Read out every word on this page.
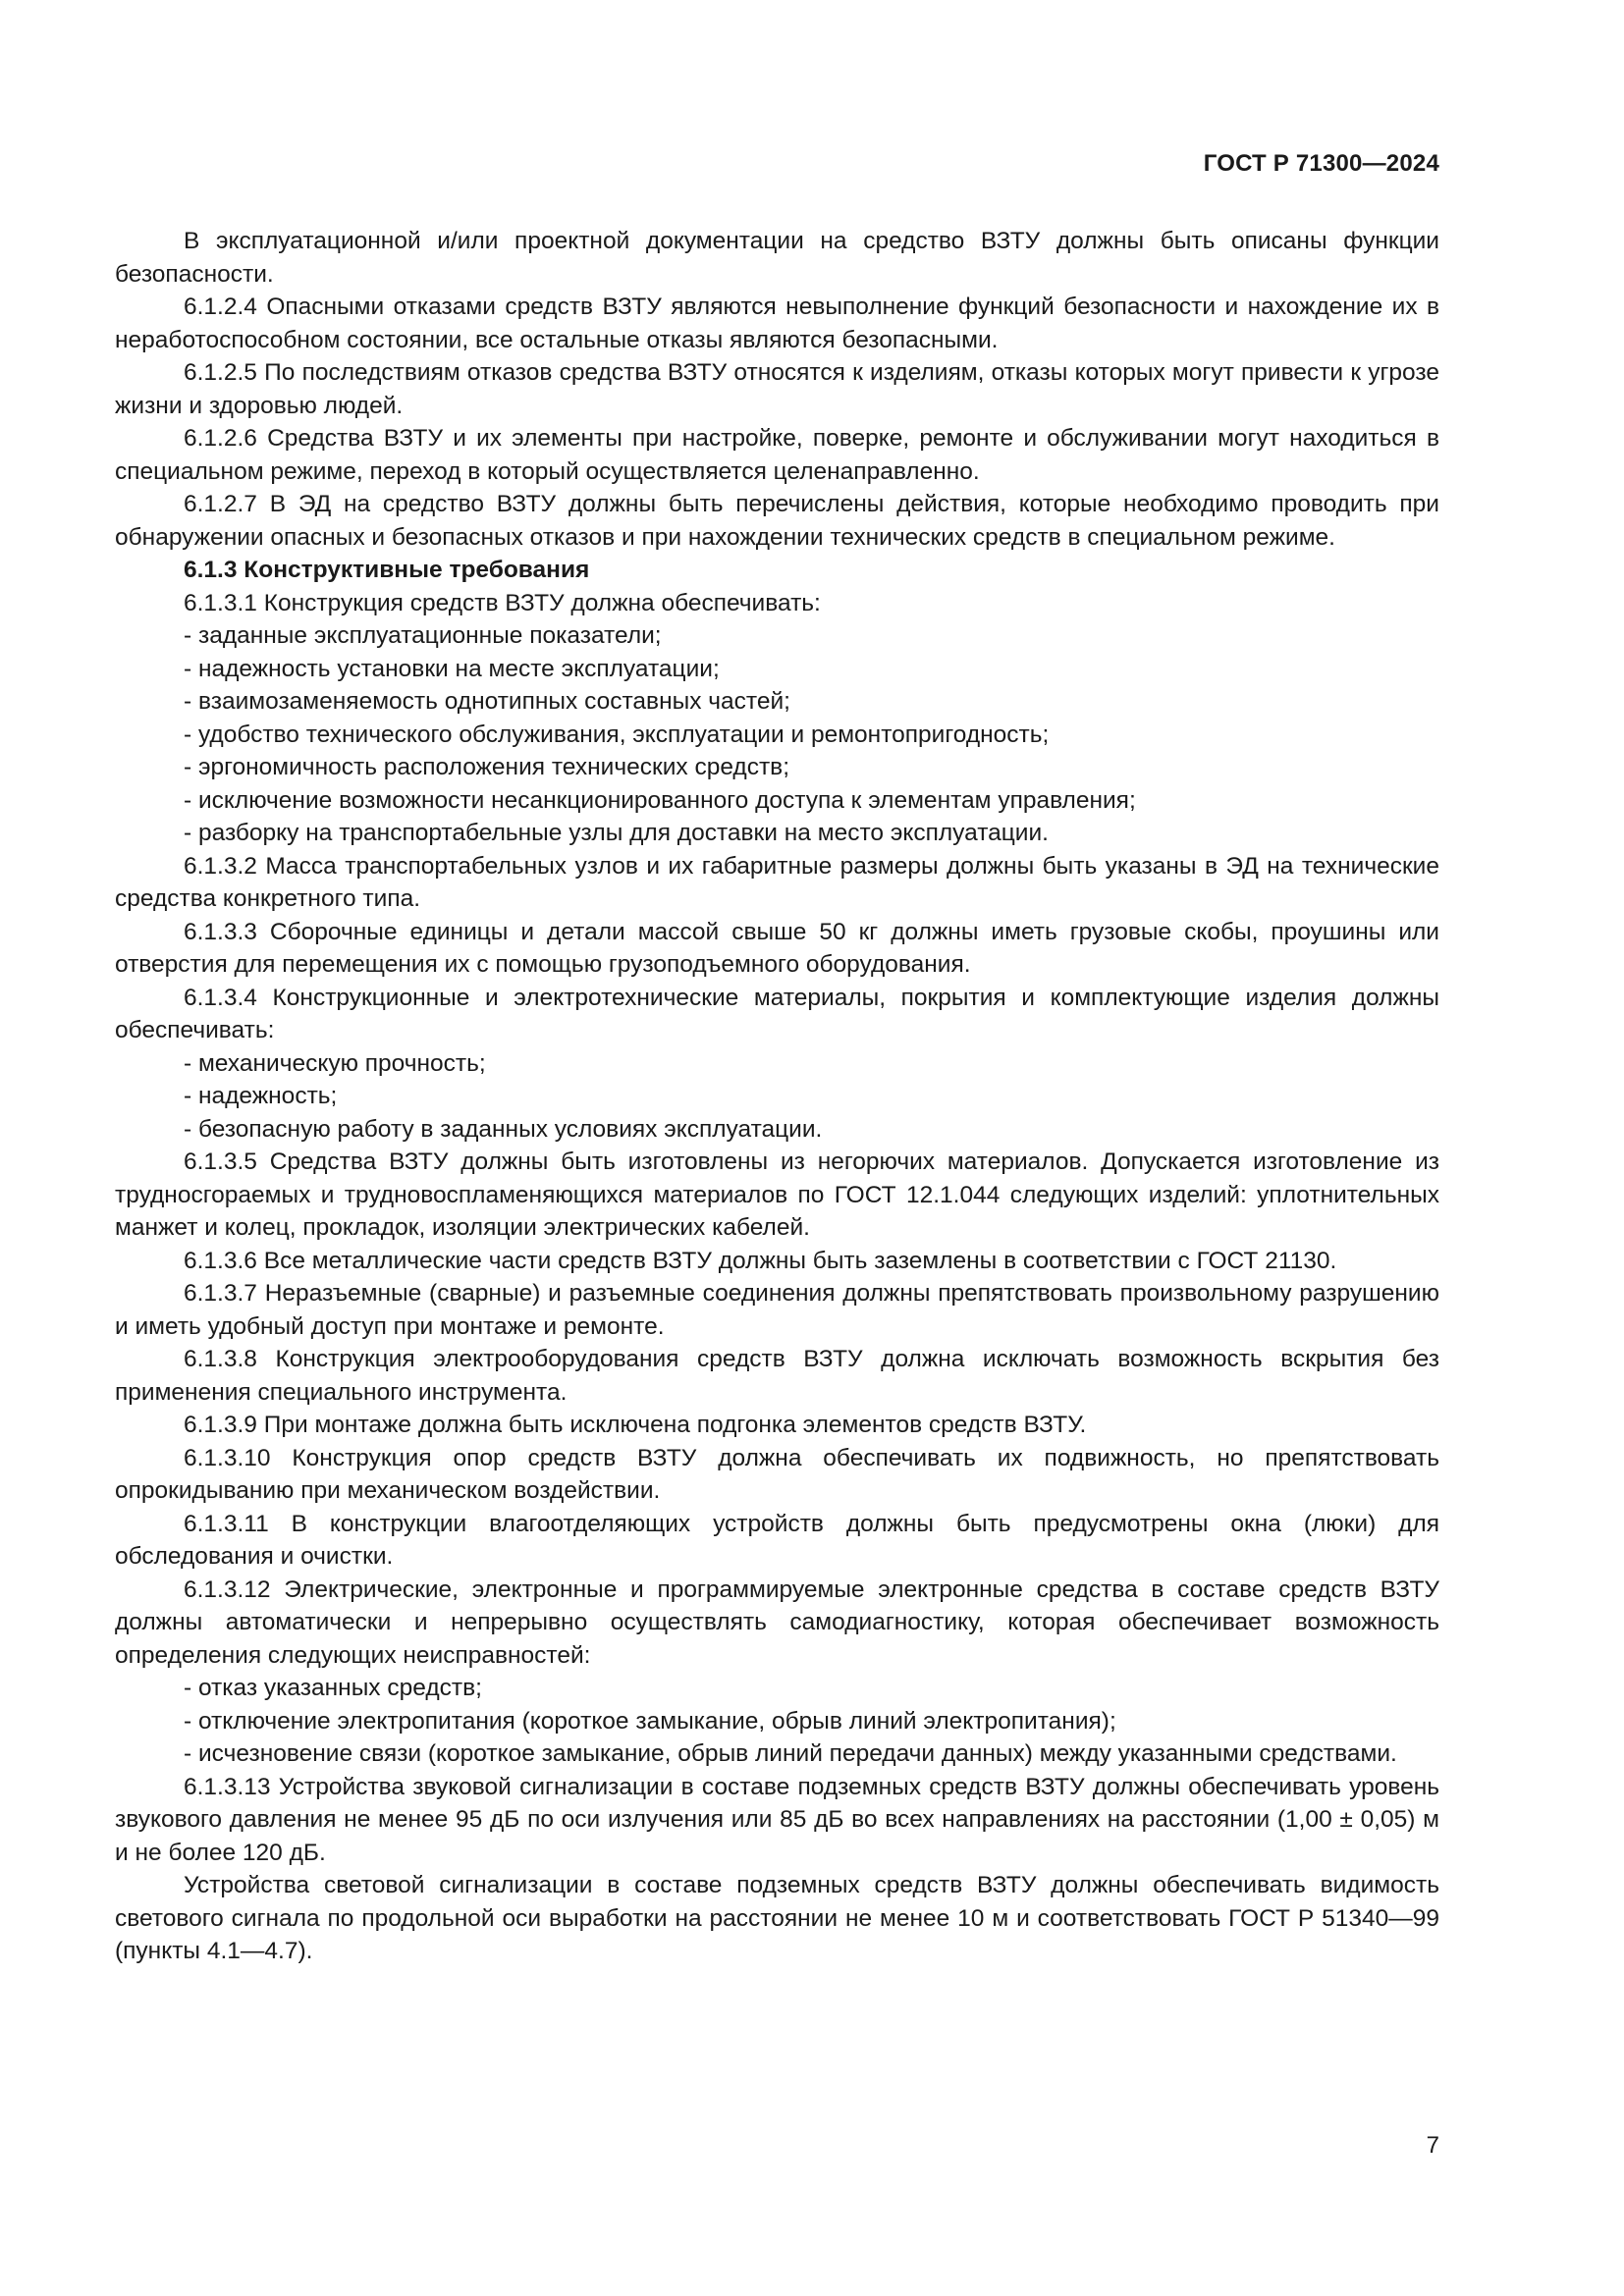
ГОСТ Р 71300—2024

В эксплуатационной и/или проектной документации на средство ВЗТУ должны быть описаны функции безопасности.

6.1.2.4 Опасными отказами средств ВЗТУ являются невыполнение функций безопасности и нахождение их в неработоспособном состоянии, все остальные отказы являются безопасными.

6.1.2.5 По последствиям отказов средства ВЗТУ относятся к изделиям, отказы которых могут привести к угрозе жизни и здоровью людей.

6.1.2.6 Средства ВЗТУ и их элементы при настройке, поверке, ремонте и обслуживании могут находиться в специальном режиме, переход в который осуществляется целенаправленно.

6.1.2.7 В ЭД на средство ВЗТУ должны быть перечислены действия, которые необходимо проводить при обнаружении опасных и безопасных отказов и при нахождении технических средств в специальном режиме.

6.1.3 Конструктивные требования

6.1.3.1 Конструкция средств ВЗТУ должна обеспечивать:

- заданные эксплуатационные показатели;

- надежность установки на месте эксплуатации;

- взаимозаменяемость однотипных составных частей;

- удобство технического обслуживания, эксплуатации и ремонтопригодность;

- эргономичность расположения технических средств;

- исключение возможности несанкционированного доступа к элементам управления;

- разборку на транспортабельные узлы для доставки на место эксплуатации.

6.1.3.2 Масса транспортабельных узлов и их габаритные размеры должны быть указаны в ЭД на технические средства конкретного типа.

6.1.3.3 Сборочные единицы и детали массой свыше 50 кг должны иметь грузовые скобы, проушины или отверстия для перемещения их с помощью грузоподъемного оборудования.

6.1.3.4 Конструкционные и электротехнические материалы, покрытия и комплектующие изделия должны обеспечивать:

- механическую прочность;

- надежность;

- безопасную работу в заданных условиях эксплуатации.

6.1.3.5 Средства ВЗТУ должны быть изготовлены из негорючих материалов. Допускается изготовление из трудносгораемых и трудновоспламеняющихся материалов по ГОСТ 12.1.044 следующих изделий: уплотнительных манжет и колец, прокладок, изоляции электрических кабелей.

6.1.3.6 Все металлические части средств ВЗТУ должны быть заземлены в соответствии с ГОСТ 21130.

6.1.3.7 Неразъемные (сварные) и разъемные соединения должны препятствовать произвольному разрушению и иметь удобный доступ при монтаже и ремонте.

6.1.3.8 Конструкция электрооборудования средств ВЗТУ должна исключать возможность вскрытия без применения специального инструмента.

6.1.3.9 При монтаже должна быть исключена подгонка элементов средств ВЗТУ.

6.1.3.10 Конструкция опор средств ВЗТУ должна обеспечивать их подвижность, но препятствовать опрокидыванию при механическом воздействии.

6.1.3.11 В конструкции влагоотделяющих устройств должны быть предусмотрены окна (люки) для обследования и очистки.

6.1.3.12 Электрические, электронные и программируемые электронные средства в составе средств ВЗТУ должны автоматически и непрерывно осуществлять самодиагностику, которая обеспечивает возможность определения следующих неисправностей:

- отказ указанных средств;

- отключение электропитания (короткое замыкание, обрыв линий электропитания);

- исчезновение связи (короткое замыкание, обрыв линий передачи данных) между указанными средствами.

6.1.3.13 Устройства звуковой сигнализации в составе подземных средств ВЗТУ должны обеспечивать уровень звукового давления не менее 95 дБ по оси излучения или 85 дБ во всех направлениях на расстоянии (1,00 ± 0,05) м и не более 120 дБ.

Устройства световой сигнализации в составе подземных средств ВЗТУ должны обеспечивать видимость светового сигнала по продольной оси выработки на расстоянии не менее 10 м и соответствовать ГОСТ Р 51340—99 (пункты 4.1—4.7).

7
